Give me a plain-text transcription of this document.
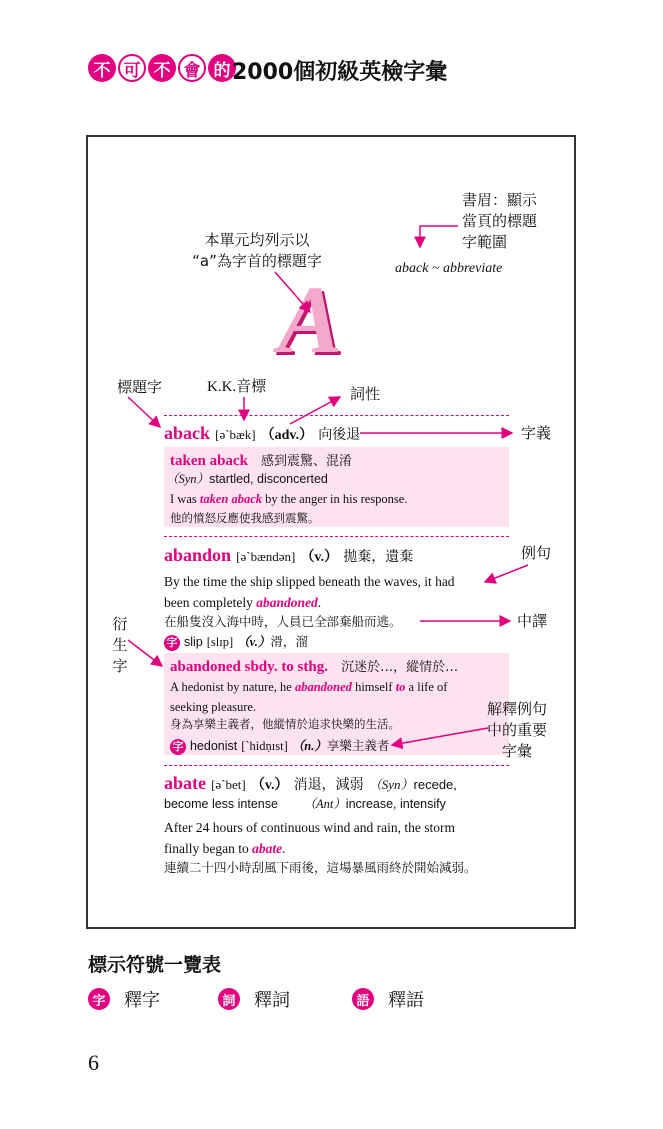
不 可 不 會 的 2000個初級英檢字彙
書眉：顯示
當頁的標題
字範圍
aback ~ abbreviate
本單元均列示以
“a”為字首的標題字
A
標題字	K.K.音標	詞性
字義
aback [əˋbæk] （adv.） 向後退
taken aback 感到震驚、混淆
（Syn）startled, disconcerted
I was taken aback by the anger in his response.
他的憤怒反應使我感到震驚。
abandon [əˋbændən] （v.） 拋棄，遺棄	例句
By the time the ship slipped beneath the waves, it had
been completely abandoned.
在船隻沒入海中時，人員已全部棄船而逃。	中譯
字 slip [slɪp] （v.）滑，溜
衍
生
字	abandoned sbdy. to sthg. 沉迷於…，縱情於…
A hedonist by nature, he abandoned himself to a life of
seeking pleasure.
身為享樂主義者，他縱情於追求快樂的生活。
字 hedonist [ˋhidṇɪst] （n.）享樂主義者
解釋例句
中的重要
字彙
abate [əˋbet] （v.） 消退，減弱 （Syn）recede,
become less intense （Ant）increase, intensify
After 24 hours of continuous wind and rain, the storm
finally began to abate.
連續二十四小時刮風下雨後，這場暴風雨終於開始減弱。
標示符號一覽表
字 釋字	詞 釋詞	語 釋語
6
